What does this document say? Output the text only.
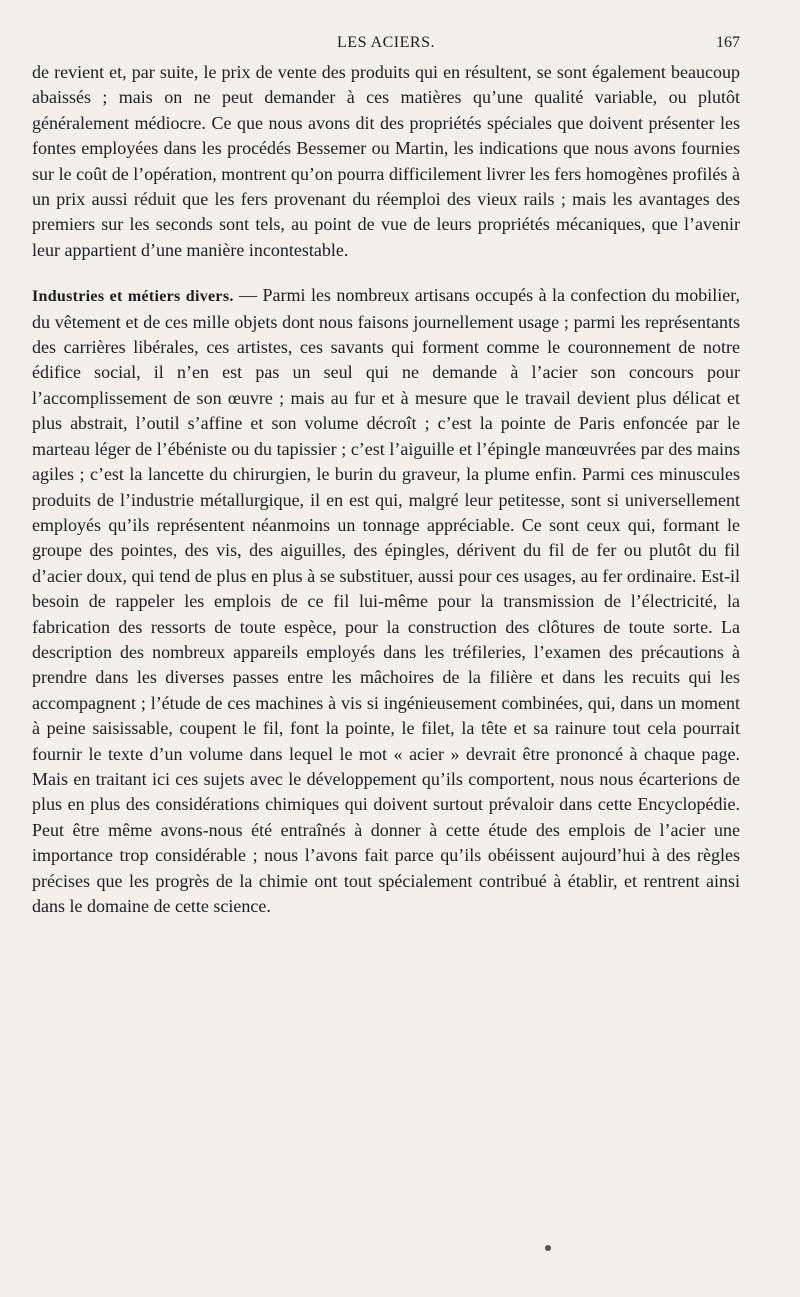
LES ACIERS.	167

de revient et, par suite, le prix de vente des produits qui en résultent, se sont également beaucoup abaissés ; mais on ne peut demander à ces matières qu’une qualité variable, ou plutôt généralement médiocre. Ce que nous avons dit des propriétés spéciales que doivent présenter les fontes employées dans les procédés Bessemer ou Martin, les indications que nous avons fournies sur le coût de l’opération, montrent qu’on pourra difficilement livrer les fers homogènes profilés à un prix aussi réduit que les fers provenant du réemploi des vieux rails ; mais les avantages des premiers sur les seconds sont tels, au point de vue de leurs propriétés mécaniques, que l’avenir leur appartient d’une manière incontestable.

Industries et métiers divers. — Parmi les nombreux artisans occupés à la confection du mobilier, du vêtement et de ces mille objets dont nous faisons journellement usage ; parmi les représentants des carrières libérales, ces artistes, ces savants qui forment comme le couronnement de notre édifice social, il n’en est pas un seul qui ne demande à l’acier son concours pour l’accomplissement de son œuvre ; mais au fur et à mesure que le travail devient plus délicat et plus abstrait, l’outil s’affine et son volume décroît ; c’est la pointe de Paris enfoncée par le marteau léger de l’ébéniste ou du tapissier ; c’est l’aiguille et l’épingle manœuvrées par des mains agiles ; c’est la lancette du chirurgien, le burin du graveur, la plume enfin. Parmi ces minuscules produits de l’industrie métallurgique, il en est qui, malgré leur petitesse, sont si universellement employés qu’ils représentent néanmoins un tonnage appréciable. Ce sont ceux qui, formant le groupe des pointes, des vis, des aiguilles, des épingles, dérivent du fil de fer ou plutôt du fil d’acier doux, qui tend de plus en plus à se substituer, aussi pour ces usages, au fer ordinaire. Est-il besoin de rappeler les emplois de ce fil lui-même pour la transmission de l’électricité, la fabrication des ressorts de toute espèce, pour la construction des clôtures de toute sorte. La description des nombreux appareils employés dans les tréfileries, l’examen des précautions à prendre dans les diverses passes entre les mâchoires de la filière et dans les recuits qui les accompagnent ; l’étude de ces machines à vis si ingénieusement combinées, qui, dans un moment à peine saisissable, coupent le fil, font la pointe, le filet, la tête et sa rainure tout cela pourrait fournir le texte d’un volume dans lequel le mot « acier » devrait être prononcé à chaque page. Mais en traitant ici ces sujets avec le développement qu’ils comportent, nous nous écarterions de plus en plus des considérations chimiques qui doivent surtout prévaloir dans cette Encyclopédie. Peut être même avons-nous été entraînés à donner à cette étude des emplois de l’acier une importance trop considérable ; nous l’avons fait parce qu’ils obéissent aujourd’hui à des règles précises que les progrès de la chimie ont tout spécialement contribué à établir, et rentrent ainsi dans le domaine de cette science.
